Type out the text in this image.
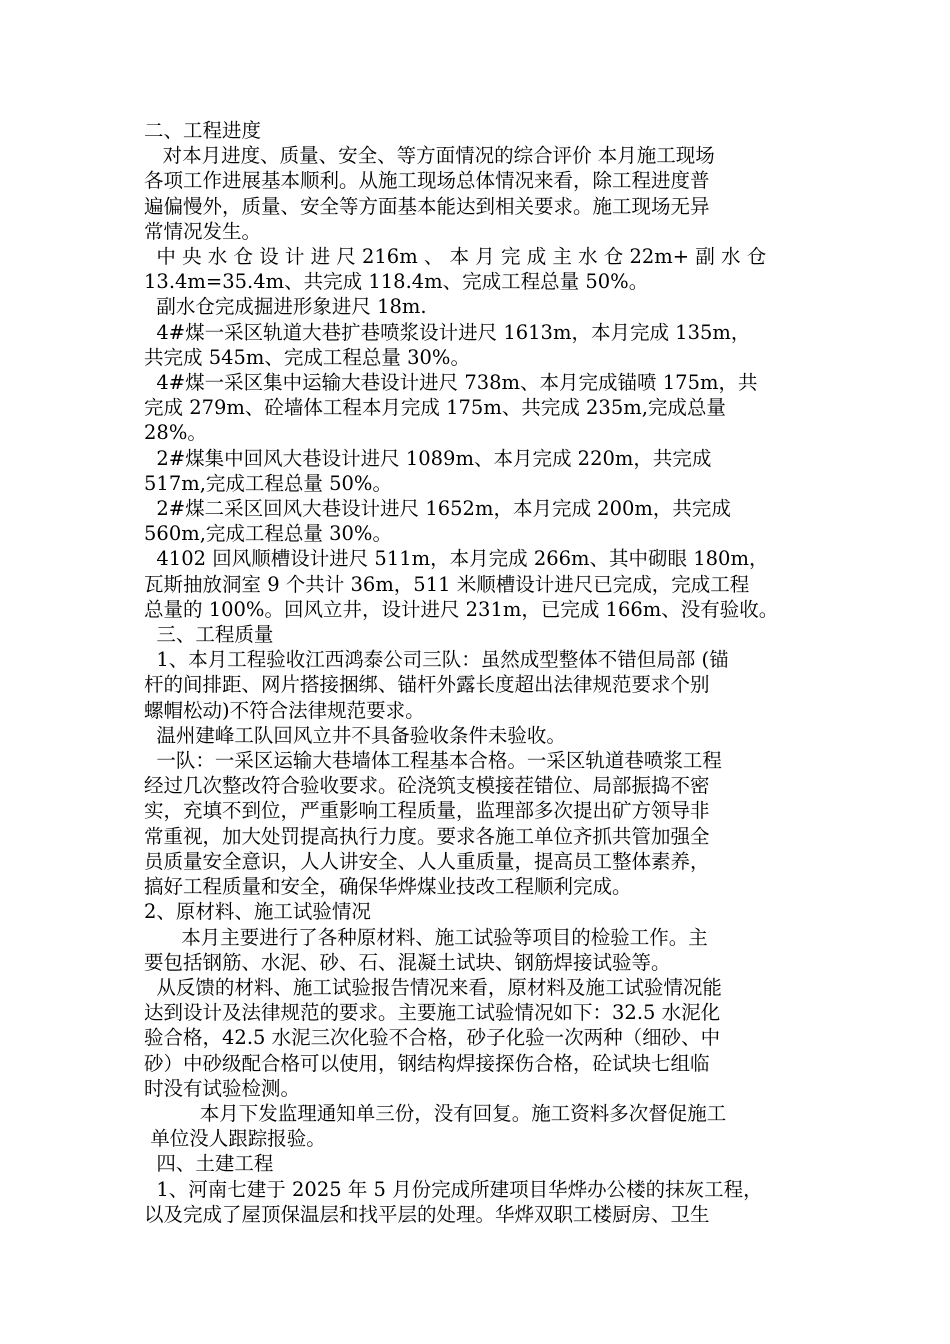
二、工程进度
对本月进度、质量、安全、等方面情况的综合评价 本月施工现场
各项工作进展基本顺利。从施工现场总体情况来看，除工程进度普
遍偏慢外，质量、安全等方面基本能达到相关要求。施工现场无异
常情况发生。
中 央 水 仓 设 计 进 尺 216m 、 本 月 完 成 主 水 仓 22m+ 副 水 仓
13.4m=35.4m、共完成 118.4m、完成工程总量 50%。
副水仓完成掘进形象进尺 18m.
4#煤一采区轨道大巷扩巷喷浆设计进尺 1613m，本月完成 135m，
共完成 545m、完成工程总量 30%。
4#煤一采区集中运输大巷设计进尺 738m、本月完成锚喷 175m，共
完成 279m、砼墙体工程本月完成 175m、共完成 235m,完成总量
28%。
2#煤集中回风大巷设计进尺 1089m、本月完成 220m，共完成
517m,完成工程总量 50%。
2#煤二采区回风大巷设计进尺 1652m，本月完成 200m，共完成
560m,完成工程总量 30%。
4102 回风顺槽设计进尺 511m，本月完成 266m、其中砌眼 180m，
瓦斯抽放洞室 9 个共计 36m，511 米顺槽设计进尺已完成，完成工程
总量的 100%。回风立井，设计进尺 231m，已完成 166m、没有验收。
三、工程质量
1、本月工程验收江西鸿泰公司三队：虽然成型整体不错但局部 (锚
杆的间排距、网片搭接捆绑、锚杆外露长度超出法律规范要求个别
螺帽松动)不符合法律规范要求。
温州建峰工队回风立井不具备验收条件未验收。
一队：一采区运输大巷墙体工程基本合格。一采区轨道巷喷浆工程
经过几次整改符合验收要求。砼浇筑支模接茬错位、局部振捣不密
实，充填不到位，严重影响工程质量，监理部多次提出矿方领导非
常重视，加大处罚提高执行力度。要求各施工单位齐抓共管加强全
员质量安全意识，人人讲安全、人人重质量，提高员工整体素养，
搞好工程质量和安全，确保华烨煤业技改工程顺利完成。
2、原材料、施工试验情况
本月主要进行了各种原材料、施工试验等项目的检验工作。主
要包括钢筋、水泥、砂、石、混凝土试块、钢筋焊接试验等。
从反馈的材料、施工试验报告情况来看，原材料及施工试验情况能
达到设计及法律规范的要求。主要施工试验情况如下：32.5 水泥化
验合格，42.5 水泥三次化验不合格，砂子化验一次两种（细砂、中
砂）中砂级配合格可以使用，钢结构焊接探伤合格，砼试块七组临
时没有试验检测。
本月下发监理通知单三份，没有回复。施工资料多次督促施工
单位没人跟踪报验。
四、土建工程
1、河南七建于 2025 年 5 月份完成所建项目华烨办公楼的抹灰工程，
以及完成了屋顶保温层和找平层的处理。华烨双职工楼厨房、卫生
